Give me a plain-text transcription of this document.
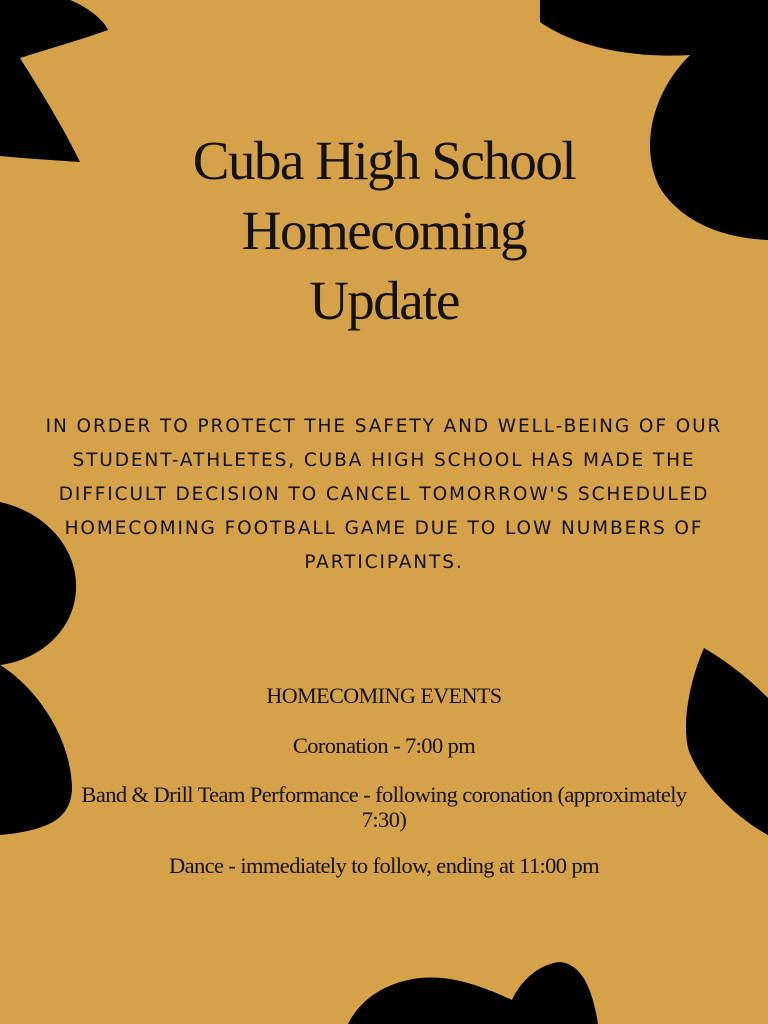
Cuba High School
Homecoming
Update

IN ORDER TO PROTECT THE SAFETY AND WELL-BEING OF OUR STUDENT-ATHLETES, CUBA HIGH SCHOOL HAS MADE THE DIFFICULT DECISION TO CANCEL TOMORROW'S SCHEDULED HOMECOMING FOOTBALL GAME DUE TO LOW NUMBERS OF PARTICIPANTS.

HOMECOMING EVENTS

Coronation - 7:00 pm

Band & Drill Team Performance - following coronation (approximately 7:30)

Dance - immediately to follow, ending at 11:00 pm
